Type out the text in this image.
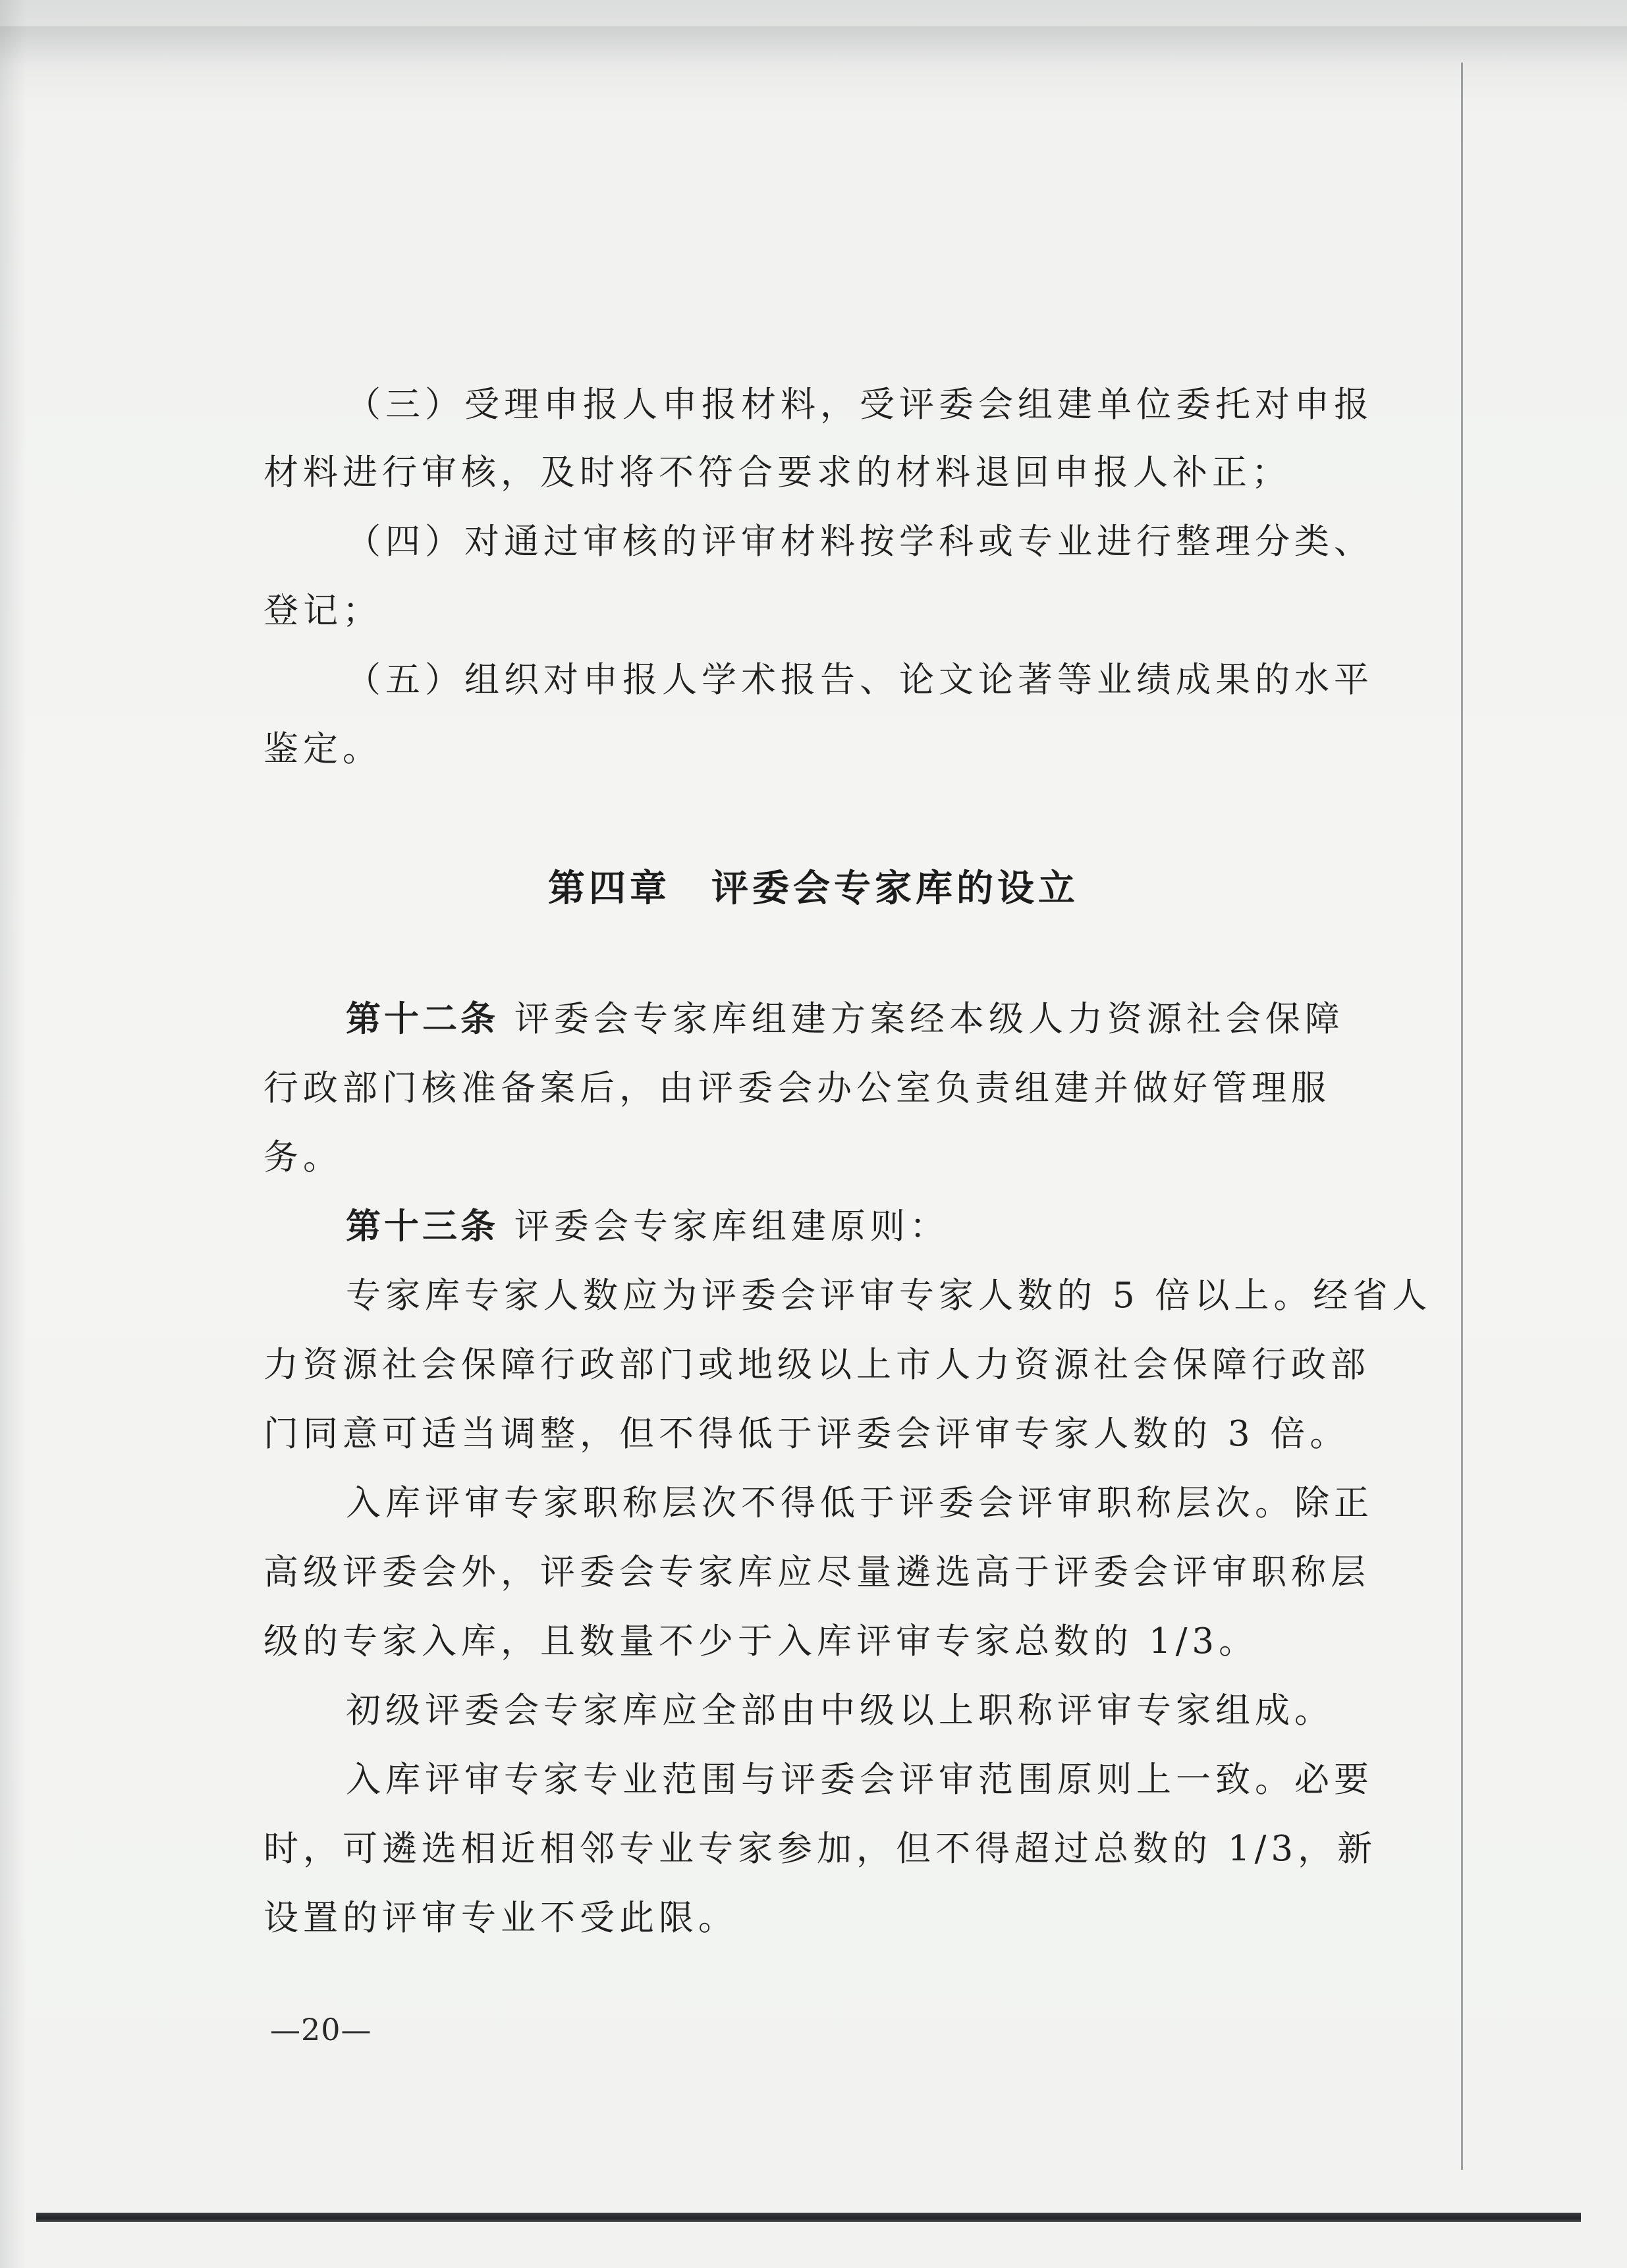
（三）受理申报人申报材料，受评委会组建单位委托对申报
材料进行审核，及时将不符合要求的材料退回申报人补正；
（四）对通过审核的评审材料按学科或专业进行整理分类、
登记；
（五）组织对申报人学术报告、论文论著等业绩成果的水平
鉴定。
第四章　评委会专家库的设立
第十二条 评委会专家库组建方案经本级人力资源社会保障
行政部门核准备案后，由评委会办公室负责组建并做好管理服
务。
第十三条 评委会专家库组建原则：
专家库专家人数应为评委会评审专家人数的 5 倍以上。经省人
力资源社会保障行政部门或地级以上市人力资源社会保障行政部
门同意可适当调整，但不得低于评委会评审专家人数的 3 倍。
入库评审专家职称层次不得低于评委会评审职称层次。除正
高级评委会外，评委会专家库应尽量遴选高于评委会评审职称层
级的专家入库，且数量不少于入库评审专家总数的 1/3。
初级评委会专家库应全部由中级以上职称评审专家组成。
入库评审专家专业范围与评委会评审范围原则上一致。必要
时，可遴选相近相邻专业专家参加，但不得超过总数的 1/3，新
设置的评审专业不受此限。
—20—
